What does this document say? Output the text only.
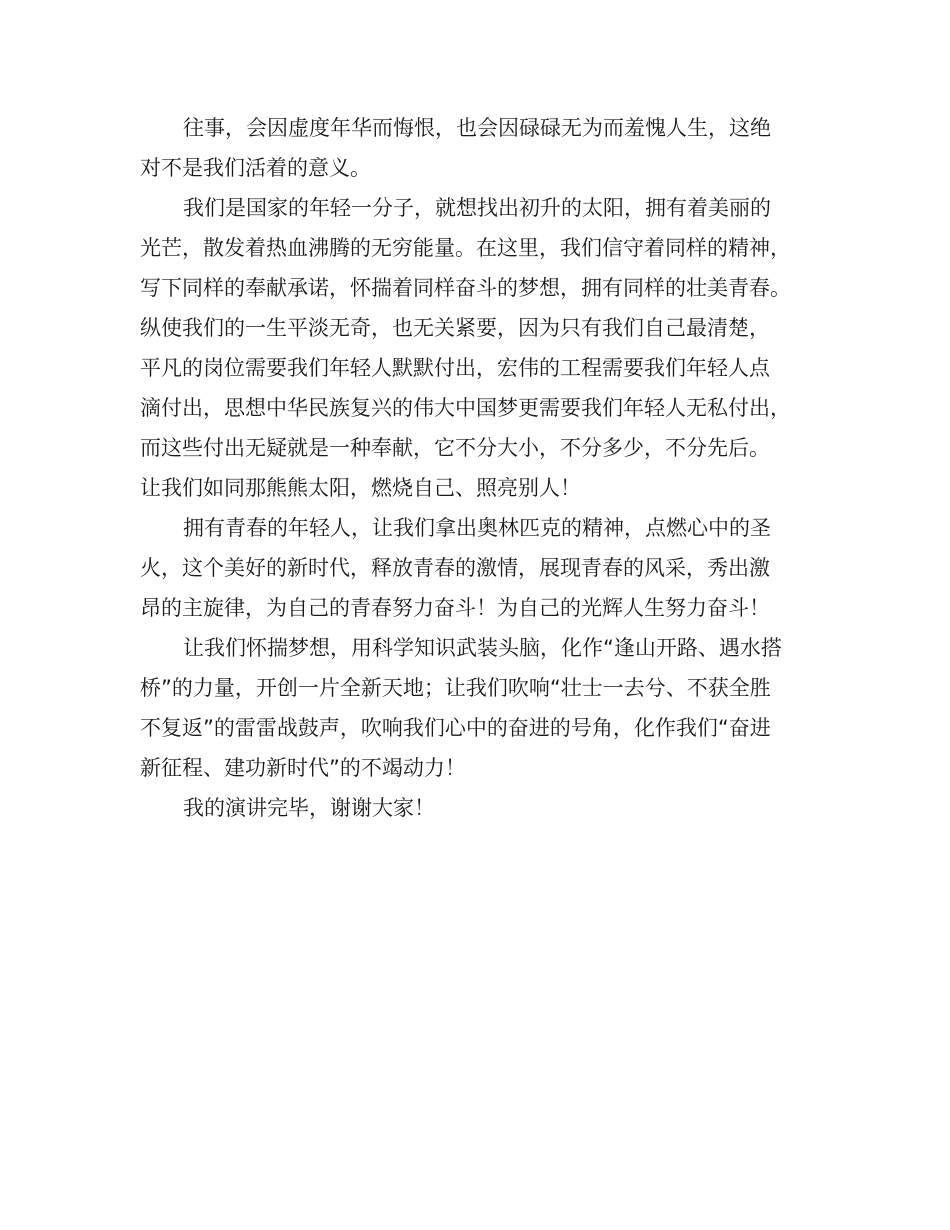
往事，会因虚度年华而悔恨，也会因碌碌无为而羞愧人生，这绝
对不是我们活着的意义。

我们是国家的年轻一分子，就想找出初升的太阳，拥有着美丽的
光芒，散发着热血沸腾的无穷能量。在这里，我们信守着同样的精神，
写下同样的奉献承诺，怀揣着同样奋斗的梦想，拥有同样的壮美青春。
纵使我们的一生平淡无奇，也无关紧要，因为只有我们自己最清楚，
平凡的岗位需要我们年轻人默默付出，宏伟的工程需要我们年轻人点
滴付出，思想中华民族复兴的伟大中国梦更需要我们年轻人无私付出，
而这些付出无疑就是一种奉献，它不分大小，不分多少，不分先后。
让我们如同那熊熊太阳，燃烧自己、照亮别人！

拥有青春的年轻人，让我们拿出奥林匹克的精神，点燃心中的圣
火，这个美好的新时代，释放青春的激情，展现青春的风采，秀出激
昂的主旋律，为自己的青春努力奋斗！为自己的光辉人生努力奋斗！

让我们怀揣梦想，用科学知识武装头脑，化作“逢山开路、遇水搭
桥”的力量，开创一片全新天地；让我们吹响“壮士一去兮、不获全胜
不复返”的雷雷战鼓声，吹响我们心中的奋进的号角，化作我们“奋进
新征程、建功新时代”的不竭动力！

我的演讲完毕，谢谢大家！
